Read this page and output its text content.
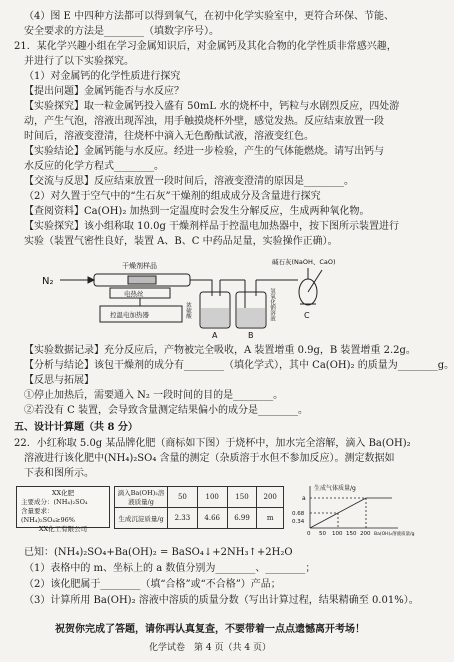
（4）图 E 中四种方法都可以得到氧气，在初中化学实验室中，更符合环保、节能、
安全要求的方法是________（填数字序号）。
21．某化学兴趣小组在学习金属知识后，对金属钙及其化合物的化学性质非常感兴趣，
并进行了以下实验探究。
（1）对金属钙的化学性质进行探究
【提出问题】金属钙能否与水反应？
【实验探究】取一粒金属钙投入盛有 50mL 水的烧杯中，钙粒与水剧烈反应，四处游
动，产生气泡，溶液出现浑浊，用手触摸烧杯外壁，感觉发热。反应结束放置一段
时间后，溶液变澄清，往烧杯中滴入无色酚酞试液，溶液变红色。
【实验结论】金属钙能与水反应。经进一步检验，产生的气体能燃烧。请写出钙与
水反应的化学方程式________。
【交流与反思】反应结束放置一段时间后，溶液变澄清的原因是________。
（2）对久置于空气中的“生石灰”干燥剂的组成成分及含量进行探究
【查阅资料】Ca(OH)₂ 加热到一定温度时会发生分解反应，生成两种氧化物。
【实验探究】该小组称取 10.0g 干燥剂样品于控温电加热器中，按下图所示装置进行
实验（装置气密性良好，装置 A、B、C 中药品足量，实验操作正确）。
N₂
干燥剂样品
电热丝
控温电加热器
碱石灰(NaOH、CaO)
浓硫酸	氢氧化钠溶液
A	B
C
【实验数据记录】充分反应后，产物被完全吸收，A 装置增重 0.9g，B 装置增重 2.2g。
【分析与结论】该包干燥剂的成分有________（填化学式），其中 Ca(OH)₂ 的质量为________g。
【反思与拓展】
①停止加热后，需要通入 N₂ 一段时间的目的是________。
②若没有 C 装置，会导致含量测定结果偏小的成分是________。
五、设计计算题（共 8 分）
22．小红称取 5.0g 某品牌化肥（商标如下图）于烧杯中，加水完全溶解，滴入 Ba(OH)₂
溶液进行该化肥中(NH₄)₂SO₄ 含量的测定（杂质溶于水但不参加反应）。测定数据如
下表和图所示。
XX化肥
主要成分：(NH₄)₂SO₄
含量要求：(NH₄)₂SO₄≥96%
XX化工有限公司
滴入Ba(OH)₂溶液质量/g	50	100	150	200
生成沉淀质量/g	2.33	4.66	6.99	m
生成气体质量/g
a
0.68
0.34
0 50 100 150 200 Ba(OH)₂溶液质量/g
已知：(NH₄)₂SO₄+Ba(OH)₂ = BaSO₄↓+2NH₃↑+2H₂O
（1）表格中的 m、坐标上的 a 数值分别为________、________；
（2）该化肥属于________（填“合格”或“不合格”）产品；
（3）计算所用 Ba(OH)₂ 溶液中溶质的质量分数（写出计算过程，结果精确至 0.01%）。
祝贺你完成了答题，请你再认真复查，不要带着一点点遗憾离开考场！
化学试卷　第 4 页（共 4 页）
